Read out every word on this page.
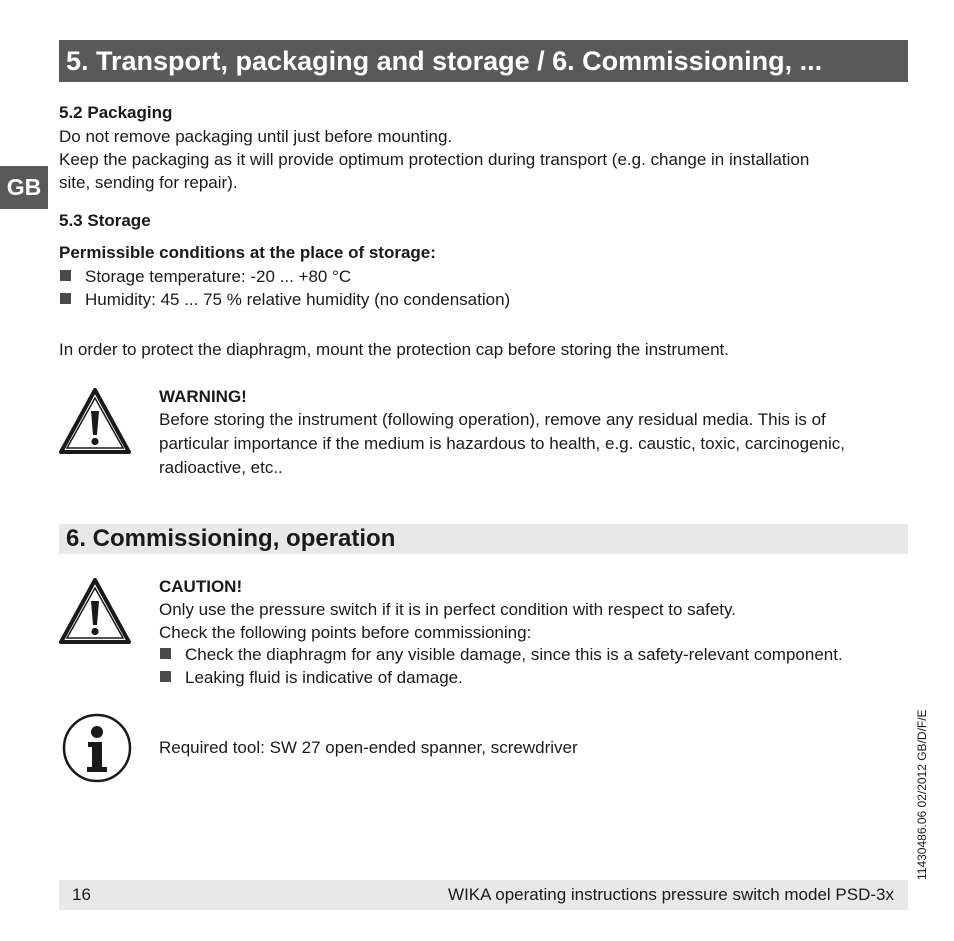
5. Transport, packaging and storage / 6. Commissioning, ...
GB
5.2 Packaging
Do not remove packaging until just before mounting.
Keep the packaging as it will provide optimum protection during transport (e.g. change in installation
site, sending for repair).
5.3 Storage
Permissible conditions at the place of storage:
Storage temperature: -20 ... +80 °C
Humidity: 45 ... 75 % relative humidity (no condensation)
In order to protect the diaphragm, mount the protection cap before storing the instrument.
WARNING!
Before storing the instrument (following operation), remove any residual media. This is of
particular importance if the medium is hazardous to health, e.g. caustic, toxic, carcinogenic,
radioactive, etc..
6. Commissioning, operation
CAUTION!
Only use the pressure switch if it is in perfect condition with respect to safety.
Check the following points before commissioning:
Check the diaphragm for any visible damage, since this is a safety-relevant component.
Leaking fluid is indicative of damage.
Required tool: SW 27 open-ended spanner, screwdriver
16	WIKA operating instructions pressure switch model PSD-3x
11430486.06 02/2012 GB/D/F/E
